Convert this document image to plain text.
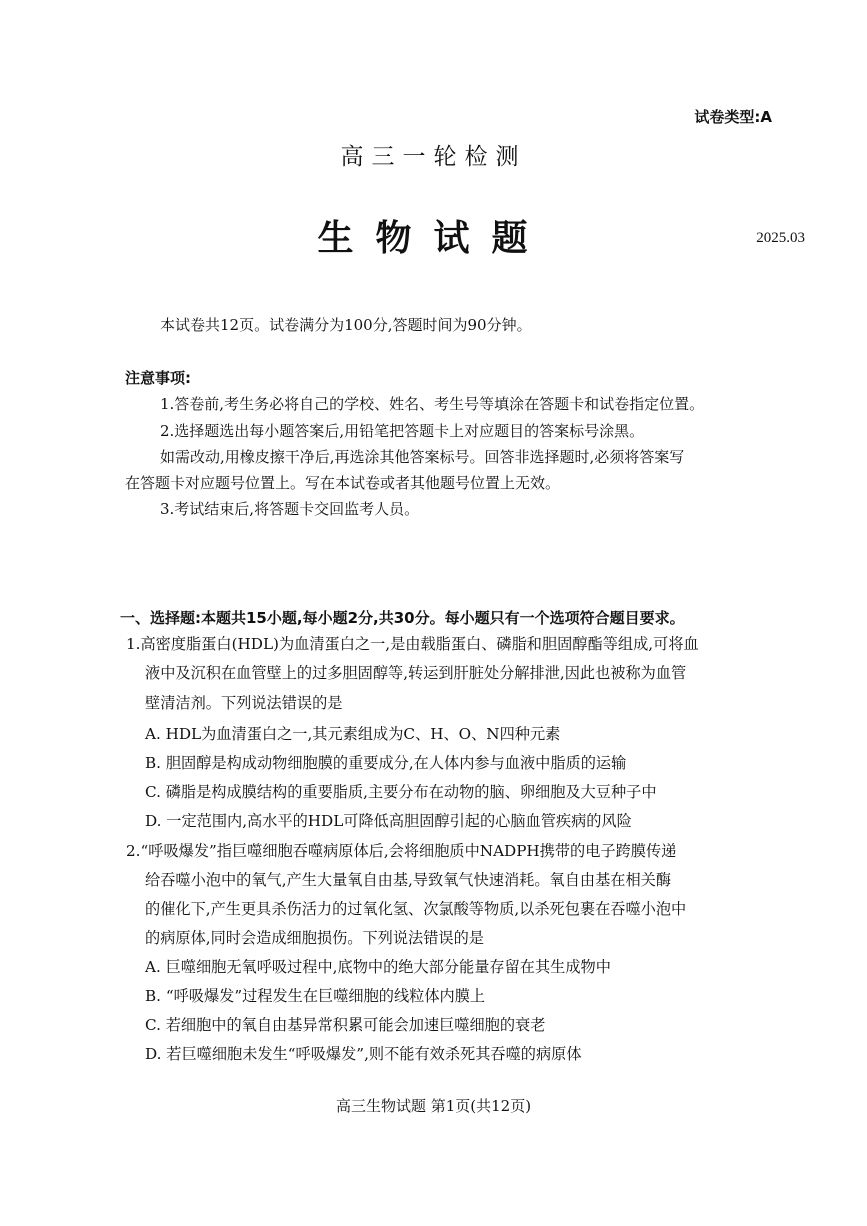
试卷类型:A
高三一轮检测
生物试题	2025.03
本试卷共12页。试卷满分为100分,答题时间为90分钟。
注意事项:
1.答卷前,考生务必将自己的学校、姓名、考生号等填涂在答题卡和试卷指定位置。
2.选择题选出每小题答案后,用铅笔把答题卡上对应题目的答案标号涂黑。
如需改动,用橡皮擦干净后,再选涂其他答案标号。回答非选择题时,必须将答案写
在答题卡对应题号位置上。写在本试卷或者其他题号位置上无效。
3.考试结束后,将答题卡交回监考人员。
一、选择题:本题共15小题,每小题2分,共30分。每小题只有一个选项符合题目要求。
1.高密度脂蛋白(HDL)为血清蛋白之一,是由载脂蛋白、磷脂和胆固醇酯等组成,可将血
液中及沉积在血管壁上的过多胆固醇等,转运到肝脏处分解排泄,因此也被称为血管
壁清洁剂。下列说法错误的是
A. HDL为血清蛋白之一,其元素组成为C、H、O、N四种元素
B. 胆固醇是构成动物细胞膜的重要成分,在人体内参与血液中脂质的运输
C. 磷脂是构成膜结构的重要脂质,主要分布在动物的脑、卵细胞及大豆种子中
D. 一定范围内,高水平的HDL可降低高胆固醇引起的心脑血管疾病的风险
2.“呼吸爆发”指巨噬细胞吞噬病原体后,会将细胞质中NADPH携带的电子跨膜传递
给吞噬小泡中的氧气,产生大量氧自由基,导致氧气快速消耗。氧自由基在相关酶
的催化下,产生更具杀伤活力的过氧化氢、次氯酸等物质,以杀死包裹在吞噬小泡中
的病原体,同时会造成细胞损伤。下列说法错误的是
A. 巨噬细胞无氧呼吸过程中,底物中的绝大部分能量存留在其生成物中
B. “呼吸爆发”过程发生在巨噬细胞的线粒体内膜上
C. 若细胞中的氧自由基异常积累可能会加速巨噬细胞的衰老
D. 若巨噬细胞未发生“呼吸爆发”,则不能有效杀死其吞噬的病原体
高三生物试题 第1页(共12页)
